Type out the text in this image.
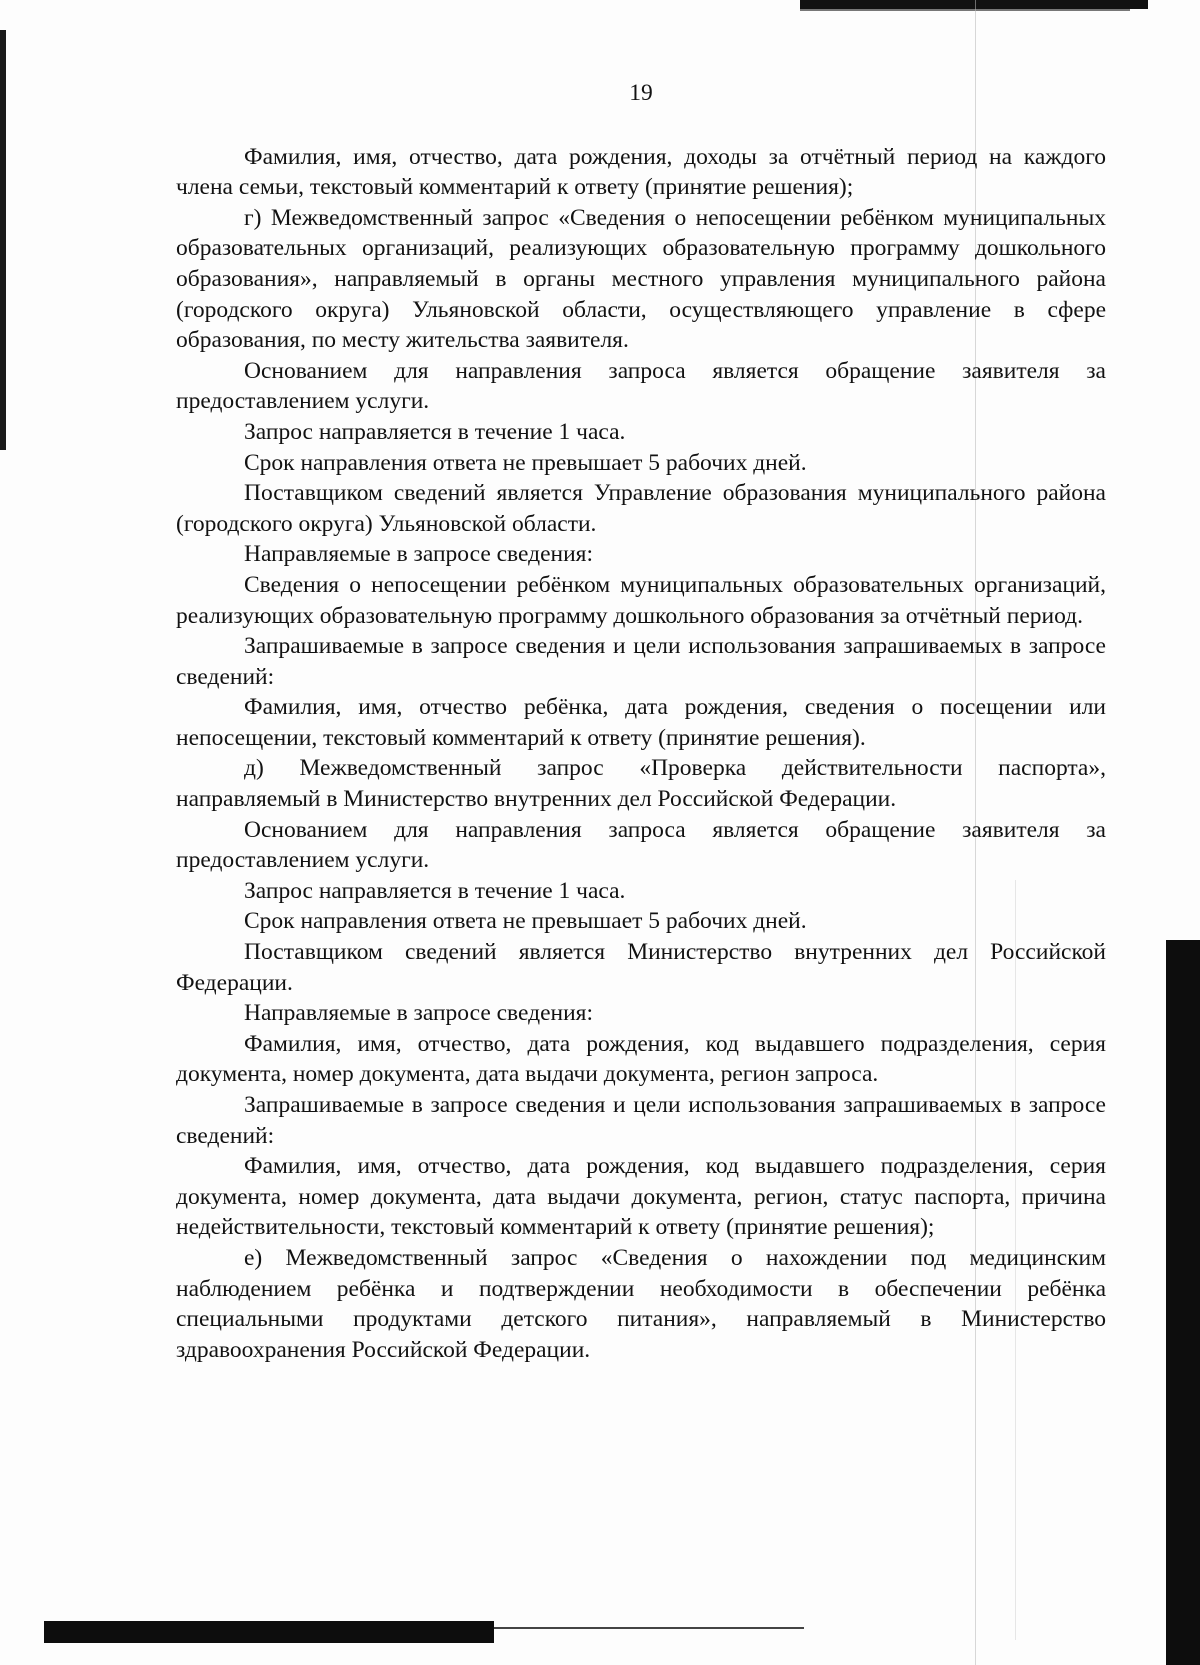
19

Фамилия, имя, отчество, дата рождения, доходы за отчётный период на каждого члена семьи, текстовый комментарий к ответу (принятие решения);

г) Межведомственный запрос «Сведения о непосещении ребёнком муниципальных образовательных организаций, реализующих образовательную программу дошкольного образования», направляемый в органы местного управления муниципального района (городского округа) Ульяновской области, осуществляющего управление в сфере образования, по месту жительства заявителя.

Основанием для направления запроса является обращение заявителя за предоставлением услуги.

Запрос направляется в течение 1 часа.

Срок направления ответа не превышает 5 рабочих дней.

Поставщиком сведений является Управление образования муниципального района (городского округа) Ульяновской области.

Направляемые в запросе сведения:

Сведения о непосещении ребёнком муниципальных образовательных организаций, реализующих образовательную программу дошкольного образования за отчётный период.

Запрашиваемые в запросе сведения и цели использования запрашиваемых в запросе сведений:

Фамилия, имя, отчество ребёнка, дата рождения, сведения о посещении или непосещении, текстовый комментарий к ответу (принятие решения).

д) Межведомственный запрос «Проверка действительности паспорта», направляемый в Министерство внутренних дел Российской Федерации.

Основанием для направления запроса является обращение заявителя за предоставлением услуги.

Запрос направляется в течение 1 часа.

Срок направления ответа не превышает 5 рабочих дней.

Поставщиком сведений является Министерство внутренних дел Российской Федерации.

Направляемые в запросе сведения:

Фамилия, имя, отчество, дата рождения, код выдавшего подразделения, серия документа, номер документа, дата выдачи документа, регион запроса.

Запрашиваемые в запросе сведения и цели использования запрашиваемых в запросе сведений:

Фамилия, имя, отчество, дата рождения, код выдавшего подразделения, серия документа, номер документа, дата выдачи документа, регион, статус паспорта, причина недействительности, текстовый комментарий к ответу (принятие решения);

е) Межведомственный запрос «Сведения о нахождении под медицинским наблюдением ребёнка и подтверждении необходимости в обеспечении ребёнка специальными продуктами детского питания», направляемый в Министерство здравоохранения Российской Федерации.
